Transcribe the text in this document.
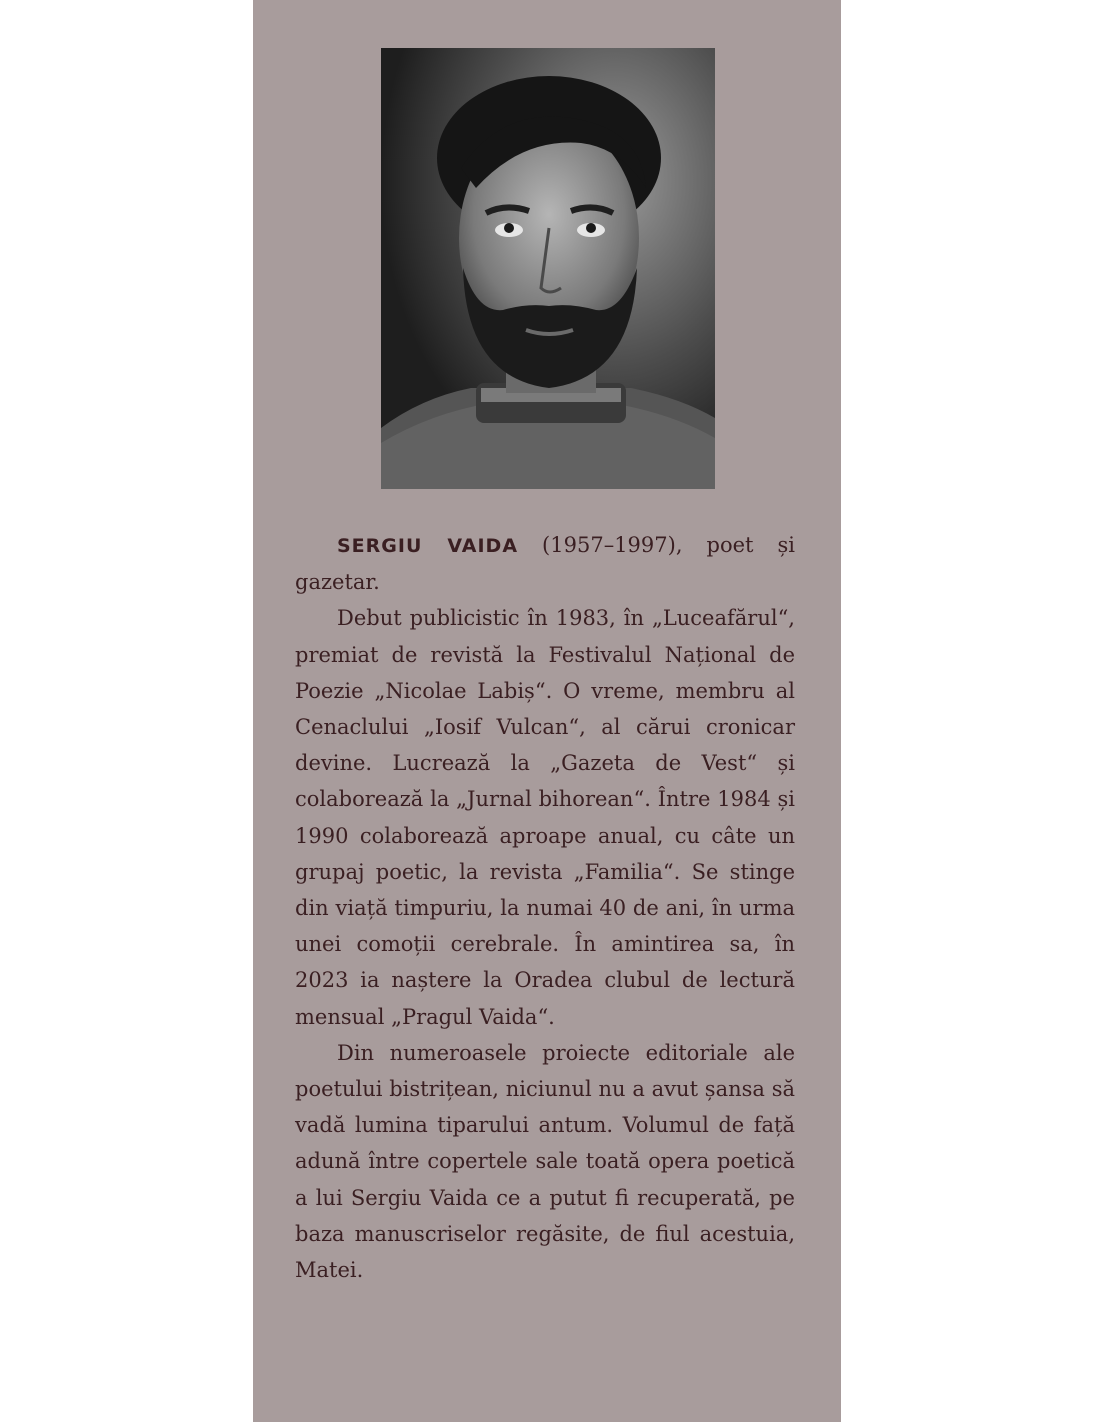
SERGIU VAIDA (1957–1997), poet și gazetar.

Debut publicistic în 1983, în „Luceafărul“, premiat de revistă la Festivalul Național de Poezie „Nicolae Labiș“. O vreme, membru al Cenaclului „Iosif Vulcan“, al cărui cronicar devine. Lucrează la „Gazeta de Vest“ și colaborează la „Jurnal bihorean“. Între 1984 și 1990 colaborează aproape anual, cu câte un grupaj poetic, la revista „Familia“. Se stinge din viață timpuriu, la numai 40 de ani, în urma unei comoții cerebrale. În amintirea sa, în 2023 ia naștere la Oradea clubul de lectură mensual „Pragul Vaida“.

Din numeroasele proiecte editoriale ale poetului bistrițean, niciunul nu a avut șansa să vadă lumina tiparului antum. Volumul de față adună între copertele sale toată opera poetică a lui Sergiu Vaida ce a putut fi recuperată, pe baza manuscriselor regăsite, de fiul acestuia, Matei.
